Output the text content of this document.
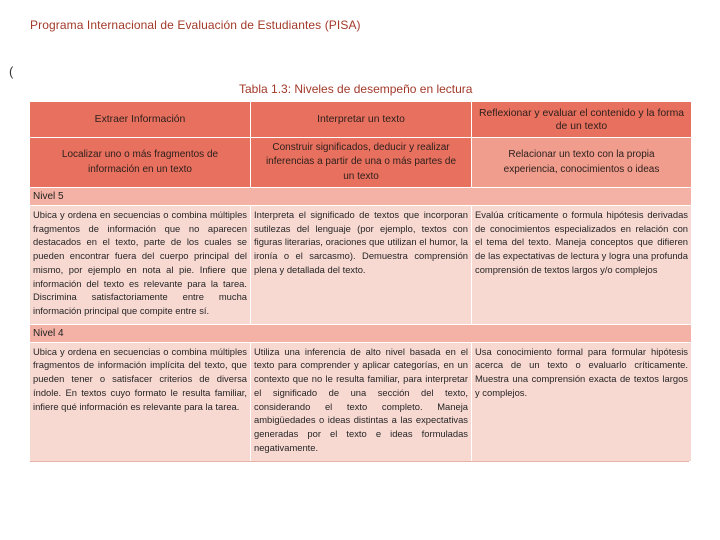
Programa Internacional de Evaluación de Estudiantes (PISA)
(
Tabla 1.3: Niveles de desempeño en lectura
Extraer Información	Interpretar un texto
Reflexionar y evaluar el contenido y la forma de un texto
Localizar uno o más fragmentos de información en un texto
Construir significados, deducir y realizar inferencias a partir de una o más partes de un texto
Relacionar un texto con la propia experiencia, conocimientos o ideas
Nivel 5
Ubica y ordena en secuencias o combina múltiples fragmentos de información que no aparecen destacados en el texto, parte de los cuales se pueden encontrar fuera del cuerpo principal del mismo, por ejemplo en nota al pie. Infiere que información del texto es relevante para la tarea. Discrimina satisfactoriamente entre mucha información principal que compite entre sí.
Interpreta el significado de textos que incorporan sutilezas del lenguaje (por ejemplo, textos con figuras literarias, oraciones que utilizan el humor, la ironía o el sarcasmo). Demuestra comprensión plena y detallada del texto.
Evalúa críticamente o formula hipótesis derivadas de conocimientos especializados en relación con el tema del texto. Maneja conceptos que difieren de las expectativas de lectura y logra una profunda comprensión de textos largos y/o complejos
Nivel 4
Ubica y ordena en secuencias o combina múltiples fragmentos de información implícita del texto, que pueden tener o satisfacer criterios de diversa índole. En textos cuyo formato le resulta familiar, infiere qué información es relevante para la tarea.
Utiliza una inferencia de alto nivel basada en el texto para comprender y aplicar categorías, en un contexto que no le resulta familiar, para interpretar el significado de una sección del texto, considerando el texto completo. Maneja ambigüedades o ideas distintas a las expectativas generadas por el texto e ideas formuladas negativamente.
Usa conocimiento formal para formular hipótesis acerca de un texto o evaluarlo críticamente. Muestra una comprensión exacta de textos largos y complejos.
